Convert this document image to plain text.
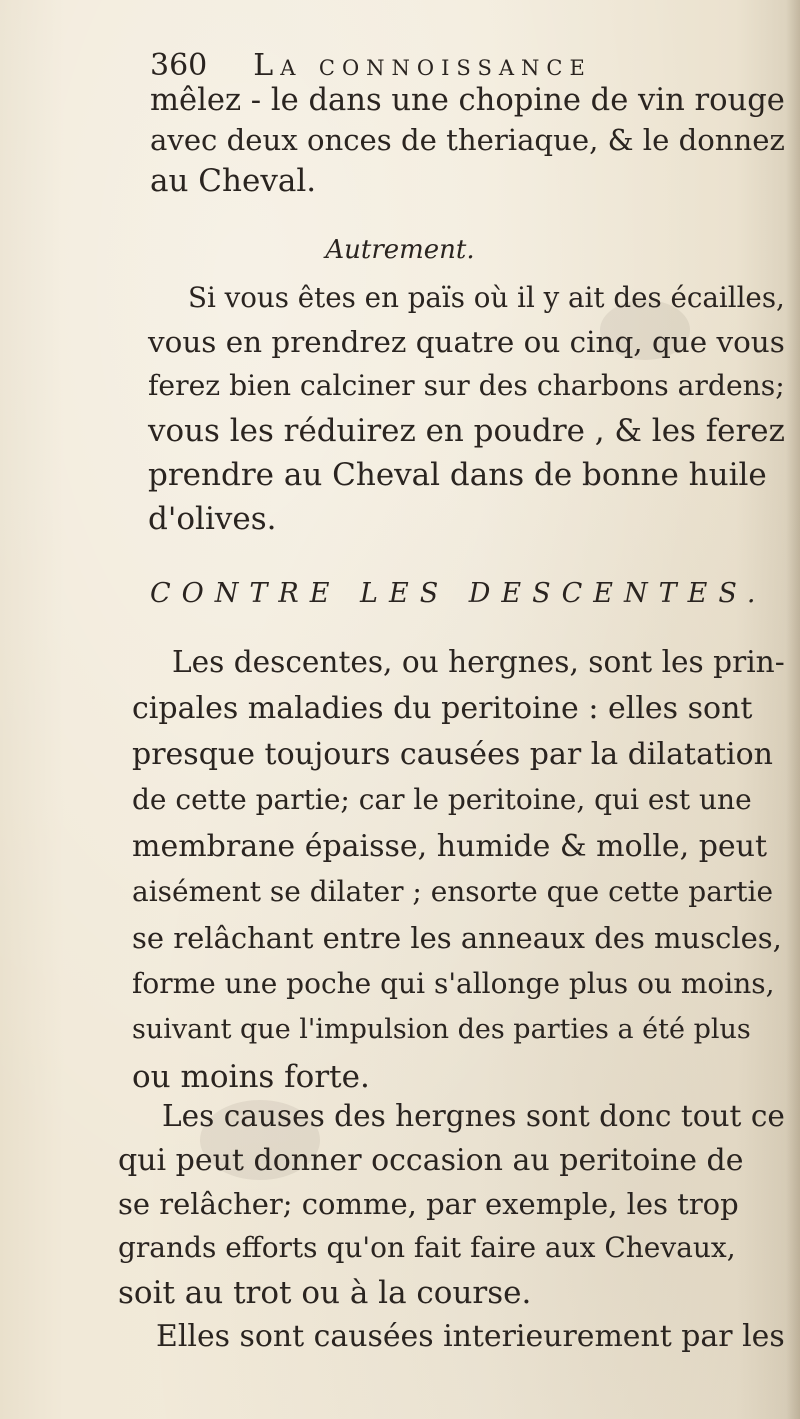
360 La connoissance
mêlez - le dans une chopine de vin rouge
avec deux onces de theriaque, & le donnez
au Cheval.
Autrement.
Si vous êtes en païs où il y ait des écailles,
vous en prendrez quatre ou cinq, que vous
ferez bien calciner sur des charbons ardens;
vous les réduirez en poudre , & les ferez
prendre au Cheval dans de bonne huile
d'olives.
CONTRE LES DESCENTES.
Les descentes, ou hergnes, sont les prin-
cipales maladies du peritoine : elles sont
presque toujours causées par la dilatation
de cette partie; car le peritoine, qui est une
membrane épaisse, humide & molle, peut
aisément se dilater ; ensorte que cette partie
se relâchant entre les anneaux des muscles,
forme une poche qui s'allonge plus ou moins,
suivant que l'impulsion des parties a été plus
ou moins forte.
Les causes des hergnes sont donc tout ce
qui peut donner occasion au peritoine de
se relâcher; comme, par exemple, les trop
grands efforts qu'on fait faire aux Chevaux,
soit au trot ou à la course.
Elles sont causées interieurement par les
